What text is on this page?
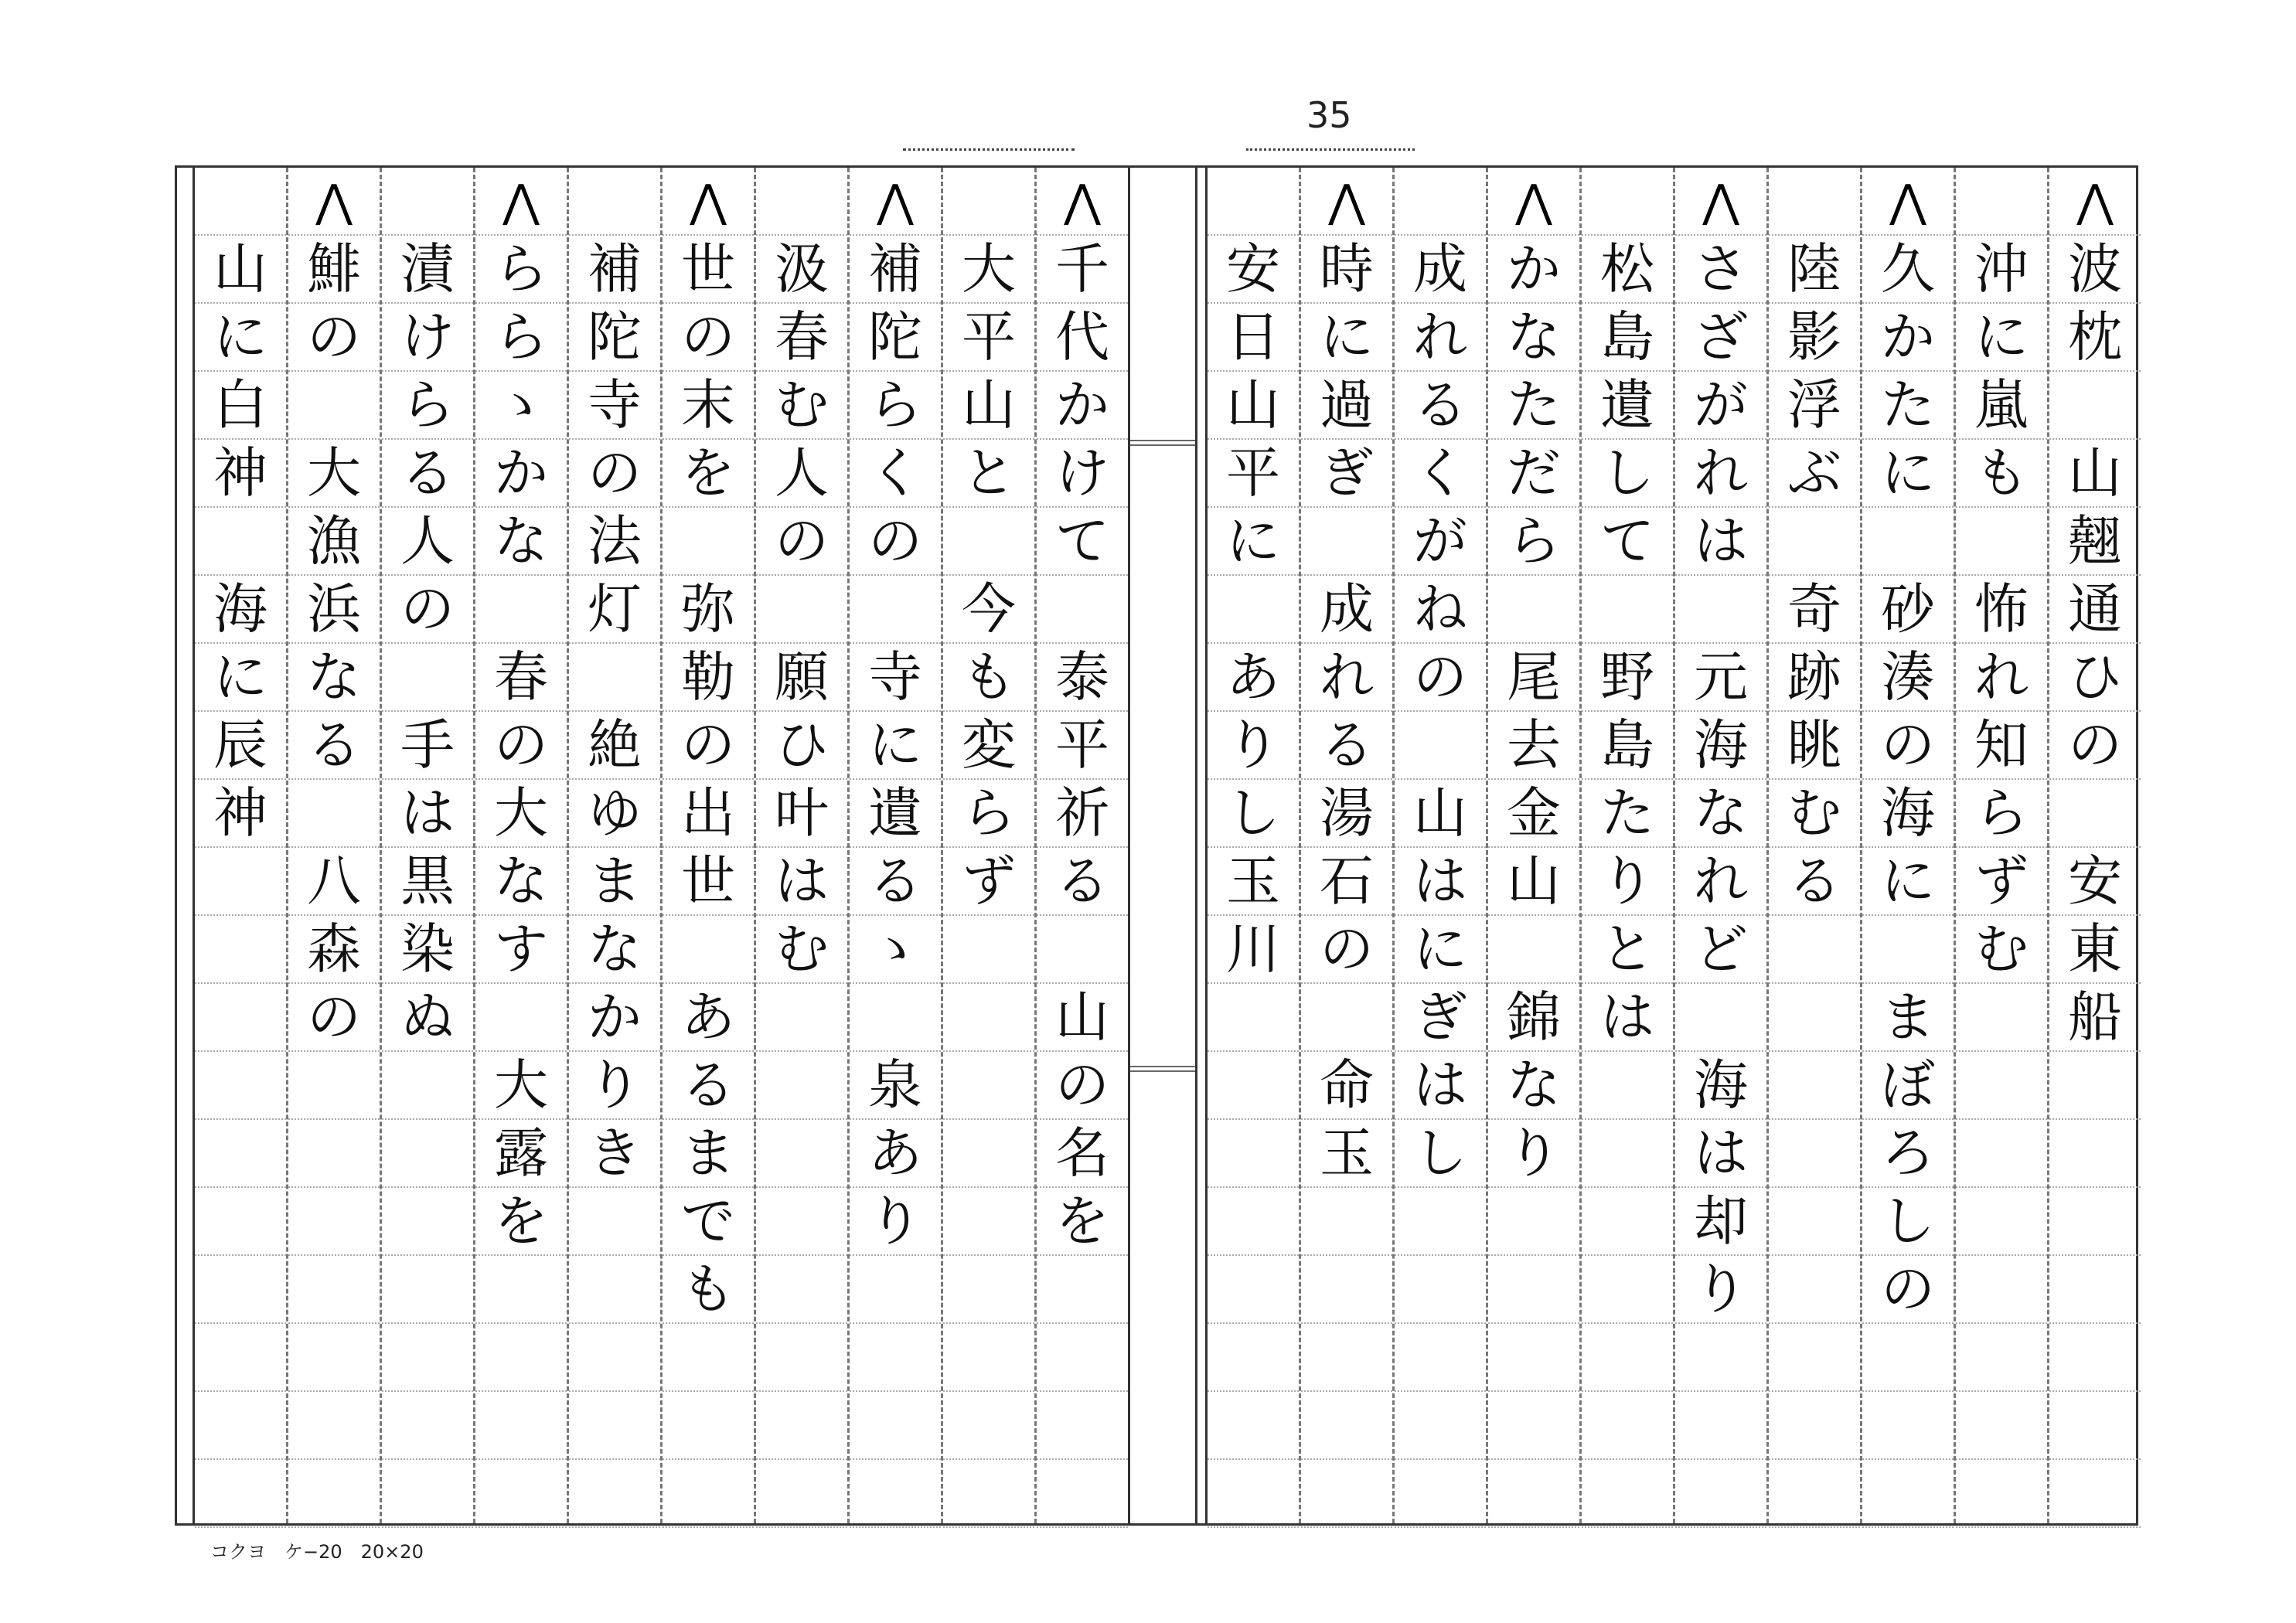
35
⋀
波
枕
山
翹
通
ひ
の
安
東
船
沖
に
嵐
も
怖
れ
知
ら
ず
む
⋀
久
か
た
に
砂
湊
の
海
に
ま
ぼ
ろ
し
の
陸
影
浮
ぶ
奇
跡
眺
む
る
⋀
さ
ざ
が
れ
は
元
海
な
れ
ど
海
は
却
り
松
島
遺
し
て
野
島
た
り
と
は
⋀
か
な
た
だ
ら
尾
去
金
山
錦
な
り
成
れ
る
く
が
ね
の
山
は
に
ぎ
は
し
⋀
時
に
過
ぎ
成
れ
る
湯
石
の
命
玉
安
日
山
平
に
あ
り
し
玉
川
⋀
千
代
か
け
て
泰
平
祈
る
山
の
名
を
大
平
山
と
今
も
変
ら
ず
⋀
補
陀
ら
く
の
寺
に
遺
る
ゝ
泉
あ
り
汲
春
む
人
の
願
ひ
叶
は
む
⋀
世
の
末
を
弥
勒
の
出
世
あ
る
ま
で
も
補
陀
寺
の
法
灯
絶
ゆ
ま
な
か
り
き
⋀
ら
ら
ゝ
か
な
春
の
大
な
す
大
露
を
漬
け
ら
る
人
の
手
は
黒
染
ぬ
⋀
鯡
の
大
漁
浜
な
る
八
森
の
山
に
白
神
海
に
辰
神
コクヨ　ケ−20　20×20
